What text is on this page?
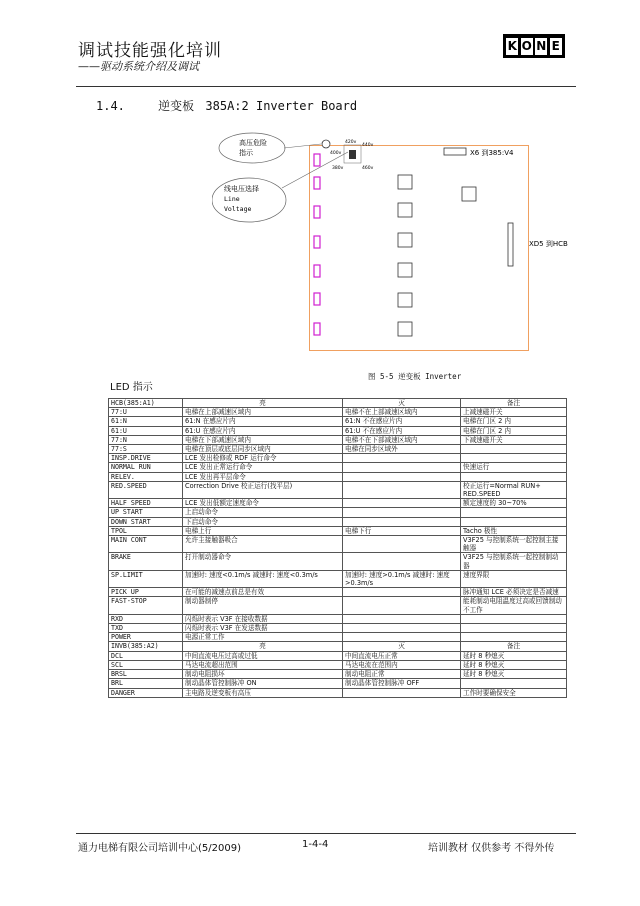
调试技能强化培训
——驱动系统介绍及调试
K O N E
1.4.	逆变板 385A:2 Inverter Board
高压危险
指示
线电压选择
Line
Voltage
420v
440v
400v
380v	460v
X6 到385:V4
XD5 到HCB
图 5-5 逆变板 Inverter
LED 指示
HCB(385:A1)	亮	灭	备注
77:U	电梯在上部减速区域内	电梯不在上部减速区域内	上减速磁开关
61:N	61:N 在感应片内	61:N 不在感应片内	电梯在门区 2 内
61:U	61:U 在感应片内	61:U 不在感应片内	电梯在门区 2 内
77:N	电梯在下部减速区域内	电梯不在下部减速区域内	下减速磁开关
77:S	电梯在顶层或底层同步区域内	电梯在同步区域外	
INSP.DRIVE	LCE 发出检修或 RDF 运行命令		
NORMAL RUN	LCE 发出正常运行命令		快速运行
RELEV.	LCE 发出再平层命令		
RED.SPEED	Correction Drive 校正运行(找平层)		校正运行=Normal RUN+ RED.SPEED
HALF SPEED	LCE 发出低额定速度命令		额定速度的 30~70%
UP START	上启动命令		
DOWN START	下启动命令		
TPOL	电梯上行	电梯下行	Tacho 极性
MAIN CONT	允许主接触器吸合		V3F25 与控制系统一起控制主接触器
BRAKE	打开制动器命令		V3F25 与控制系统一起控制制动器
SP.LIMIT	加速时: 速度<0.1m/s 减速时: 速度<0.3m/s	加速时: 速度>0.1m/s 减速时: 速度>0.3m/s	速度界限
PICK UP	在可能的减速点前总是有效		脉冲通知 LCE 必须决定是否减速
FAST-STOP	制动器制停		能耗制动电阻温度过高或回馈制动不工作
RXD	闪烁时表示 V3F 在接收数据		
TXD	闪烁时表示 V3F 在发送数据		
POWER	电源正常工作		
INVB(385:A2)	亮	灭	备注
DCL	中间直流电压过高或过低	中间直流电压正常	延时 8 秒熄灭
SCL	马达电流超出范围	马达电流在范围内	延时 8 秒熄灭
BRSL	制动电阻损坏	制动电阻正常	延时 8 秒熄灭
BRL	制动晶体管控制脉冲 ON	制动晶体管控制脉冲 OFF	
DANGER	主电路及逆变板有高压		工作时要确保安全
通力电梯有限公司培训中心(5/2009)	1-4-4	培训教材 仅供参考 不得外传
